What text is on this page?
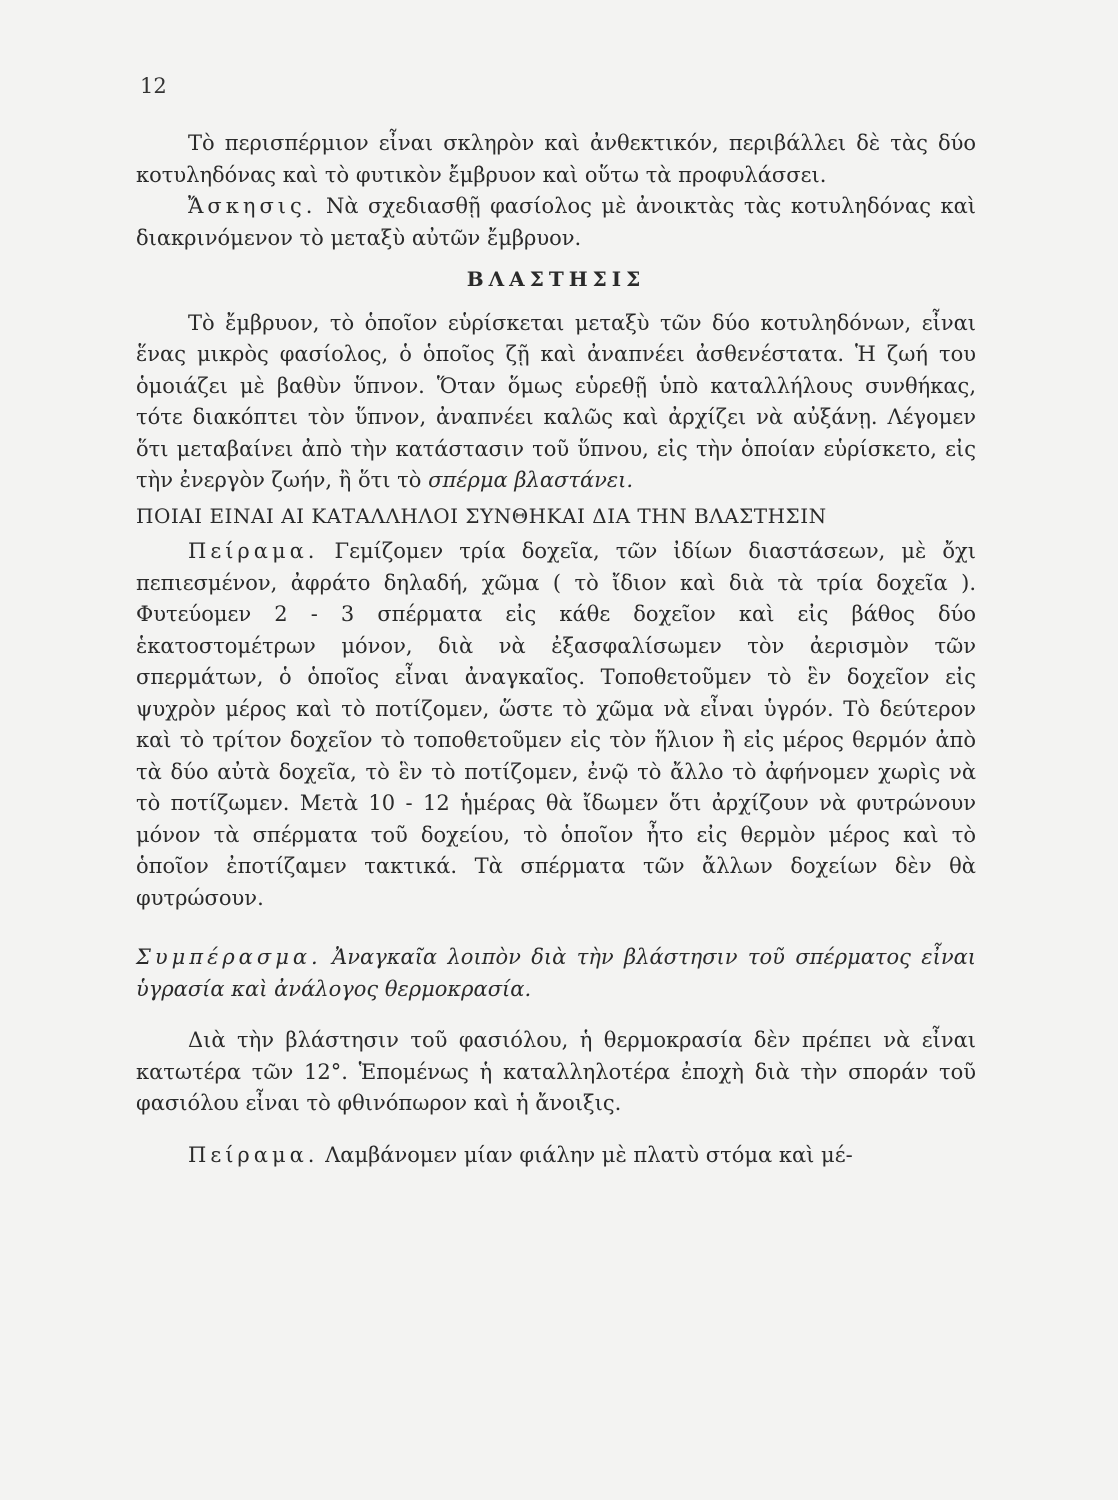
12

Τὸ περισπέρμιον εἶναι σκληρὸν καὶ ἀνθεκτικόν, περιβάλλει δὲ τὰς δύο κοτυληδόνας καὶ τὸ φυτικὸν ἔμβρυον καὶ οὕτω τὰ προφυλάσσει.

Ἄσκησις. Νὰ σχεδιασθῇ φασίολος μὲ ἀνοικτὰς τὰς κοτυληδόνας καὶ διακρινόμενον τὸ μεταξὺ αὐτῶν ἔμβρυον.

ΒΛΑΣΤΗΣΙΣ

Τὸ ἔμβρυον, τὸ ὁποῖον εὑρίσκεται μεταξὺ τῶν δύο κοτυληδόνων, εἶναι ἕνας μικρὸς φασίολος, ὁ ὁποῖος ζῇ καὶ ἀναπνέει ἀσθενέστατα. Ἡ ζωή του ὁμοιάζει μὲ βαθὺν ὕπνον. Ὅταν ὅμως εὑρεθῇ ὑπὸ καταλλήλους συνθήκας, τότε διακόπτει τὸν ὕπνον, ἀναπνέει καλῶς καὶ ἀρχίζει νὰ αὐξάνῃ. Λέγομεν ὅτι μεταβαίνει ἀπὸ τὴν κατάστασιν τοῦ ὕπνου, εἰς τὴν ὁποίαν εὑρίσκετο, εἰς τὴν ἐνεργὸν ζωήν, ἢ ὅτι τὸ σπέρμα βλαστάνει.

ΠΟΙΑΙ ΕΙΝΑΙ ΑΙ ΚΑΤΑΛΛΗΛΟΙ ΣΥΝΘΗΚΑΙ ΔΙΑ ΤΗΝ ΒΛΑΣΤΗΣΙΝ

Πείραμα. Γεμίζομεν τρία δοχεῖα, τῶν ἰδίων διαστάσεων, μὲ ὄχι πεπιεσμένον, ἀφράτο δηλαδή, χῶμα ( τὸ ἴδιον καὶ διὰ τὰ τρία δοχεῖα ). Φυτεύομεν 2 - 3 σπέρματα εἰς κάθε δοχεῖον καὶ εἰς βάθος δύο ἑκατοστομέτρων μόνον, διὰ νὰ ἐξασφαλίσωμεν τὸν ἀερισμὸν τῶν σπερμάτων, ὁ ὁποῖος εἶναι ἀναγκαῖος. Τοποθετοῦμεν τὸ ἓν δοχεῖον εἰς ψυχρὸν μέρος καὶ τὸ ποτίζομεν, ὥστε τὸ χῶμα νὰ εἶναι ὑγρόν. Τὸ δεύτερον καὶ τὸ τρίτον δοχεῖον τὸ τοποθετοῦμεν εἰς τὸν ἥλιον ἢ εἰς μέρος θερμόν ἀπὸ τὰ δύο αὐτὰ δοχεῖα, τὸ ἓν τὸ ποτίζομεν, ἐνῷ τὸ ἄλλο τὸ ἀφήνομεν χωρὶς νὰ τὸ ποτίζωμεν. Μετὰ 10 - 12 ἡμέρας θὰ ἴδωμεν ὅτι ἀρχίζουν νὰ φυτρώνουν μόνον τὰ σπέρματα τοῦ δοχείου, τὸ ὁποῖον ἦτο εἰς θερμὸν μέρος καὶ τὸ ὁποῖον ἐποτίζαμεν τακτικά. Τὰ σπέρματα τῶν ἄλλων δοχείων δὲν θὰ φυτρώσουν.

Συμπέρασμα. Ἀναγκαῖα λοιπὸν διὰ τὴν βλάστησιν τοῦ σπέρματος εἶναι ὑγρασία καὶ ἀνάλογος θερμοκρασία.

Διὰ τὴν βλάστησιν τοῦ φασιόλου, ἡ θερμοκρασία δὲν πρέπει νὰ εἶναι κατωτέρα τῶν 12°. Ἑπομένως ἡ καταλληλοτέρα ἐποχὴ διὰ τὴν σποράν τοῦ φασιόλου εἶναι τὸ φθινόπωρον καὶ ἡ ἄνοιξις.

Πείραμα. Λαμβάνομεν μίαν φιάλην μὲ πλατὺ στόμα καὶ μέ-
